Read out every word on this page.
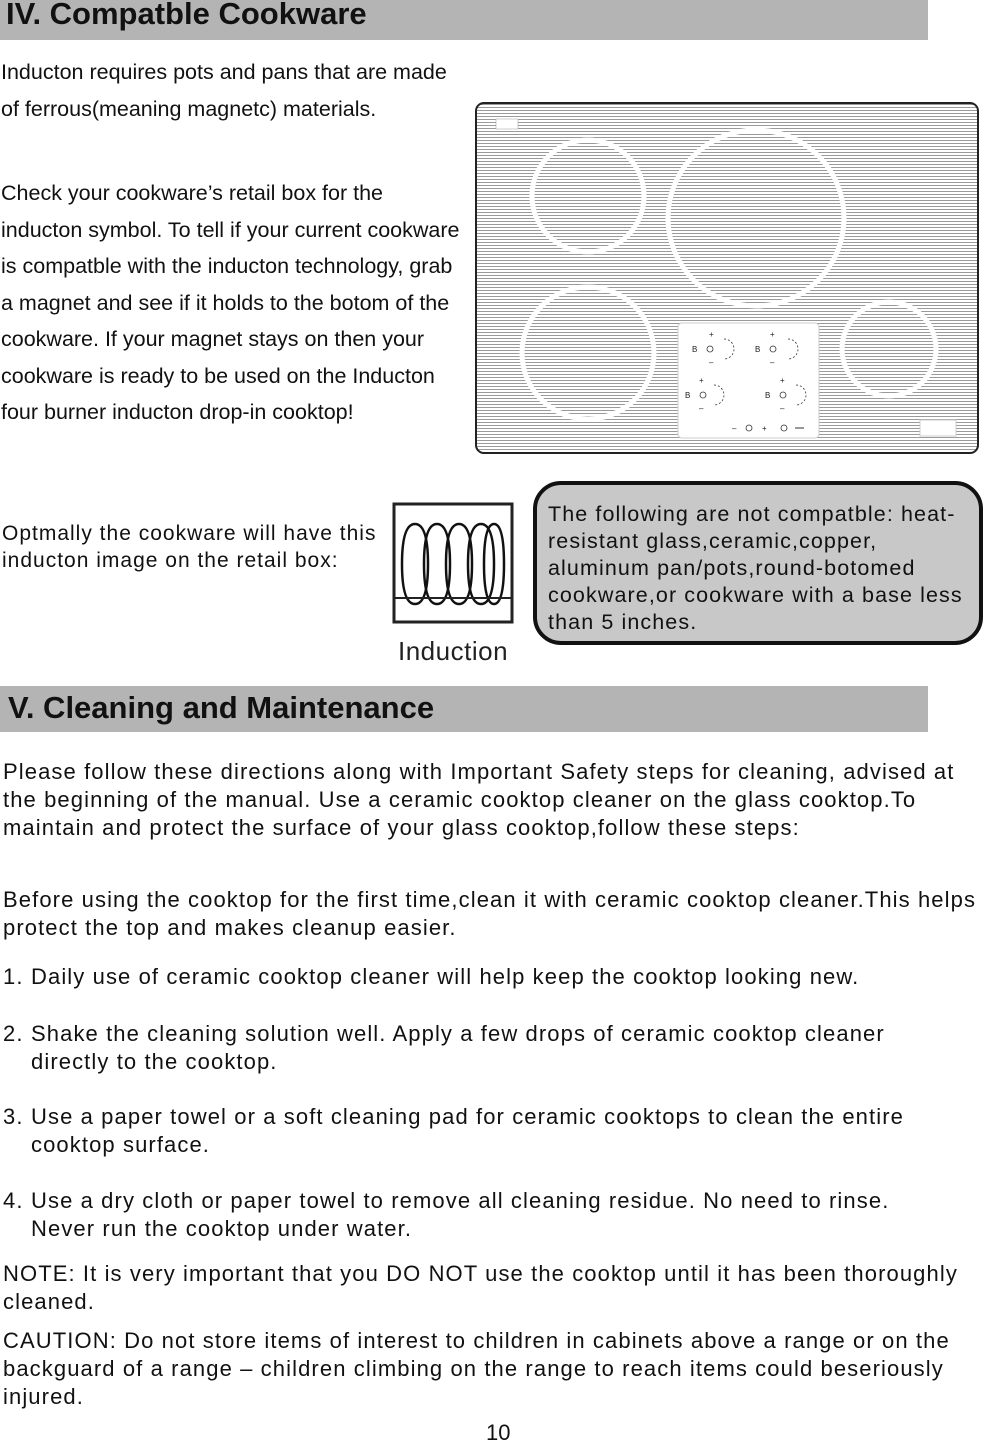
IV. Compatble Cookware

Inducton requires pots and pans that are made of ferrous(meaning magnetc) materials.

Check your cookware’s retail box for the inducton symbol. To tell if your current cookware is compatble with the inducton technology, grab a magnet and see if it holds to the botom of the cookware. If your magnet stays on then your cookware is ready to be used on the Inducton four burner inducton drop-in cooktop!

+	+
B	B
–	–
+	+
B	B
–	–
–	+

Optmally the cookware will have this inducton image on the retail box:

Induction

The following are not compatble: heat-resistant glass,ceramic,copper, aluminum pan/pots,round-botomed cookware,or cookware with a base less than 5 inches.

V. Cleaning and Maintenance

Please follow these directions along with Important Safety steps for cleaning, advised at the beginning of the manual. Use a ceramic cooktop cleaner on the glass cooktop.To maintain and protect the surface of your glass cooktop,follow these steps:

Before using the cooktop for the first time,clean it with ceramic cooktop cleaner.This helps protect the top and makes cleanup easier.

1. Daily use of ceramic cooktop cleaner will help keep the cooktop looking new.

2. Shake the cleaning solution well. Apply a few drops of ceramic cooktop cleaner
directly to the cooktop.

3. Use a paper towel or a soft cleaning pad for ceramic cooktops to clean the entire
cooktop surface.

4. Use a dry cloth or paper towel to remove all cleaning residue. No need to rinse.
Never run the cooktop under water.

NOTE: It is very important that you DO NOT use the cooktop until it has been thoroughly cleaned.

CAUTION: Do not store items of interest to children in cabinets above a range or on the backguard of a range – children climbing on the range to reach items could beseriously injured.

10
